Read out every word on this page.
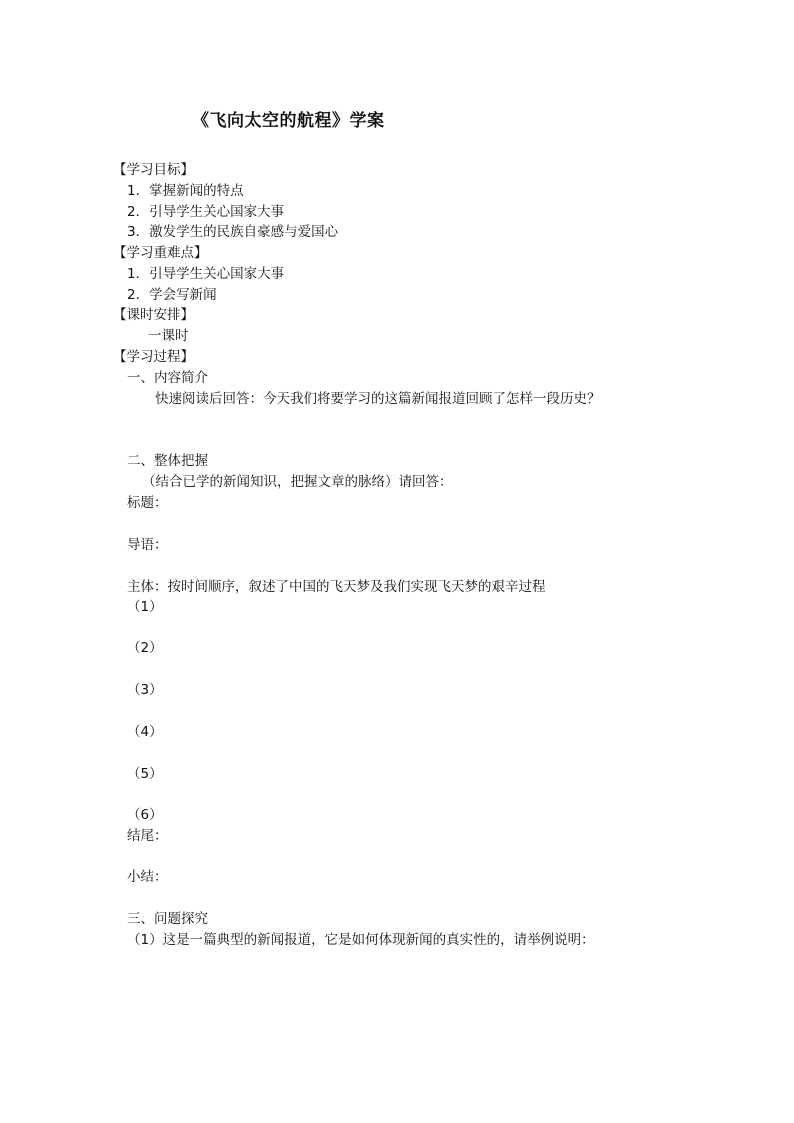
《飞向太空的航程》学案
【学习目标】
1．掌握新闻的特点
2．引导学生关心国家大事
3．激发学生的民族自豪感与爱国心
【学习重难点】
1．引导学生关心国家大事
2．学会写新闻
【课时安排】
一课时
【学习过程】
一、内容简介
快速阅读后回答：今天我们将要学习的这篇新闻报道回顾了怎样一段历史？
二、整体把握
（结合已学的新闻知识，把握文章的脉络）请回答：
标题：
导语：
主体：按时间顺序，叙述了中国的飞天梦及我们实现飞天梦的艰辛过程
（1）
（2）
（3）
（4）
（5）
（6）
结尾：
小结：
三、问题探究
（1）这是一篇典型的新闻报道，它是如何体现新闻的真实性的，请举例说明：
